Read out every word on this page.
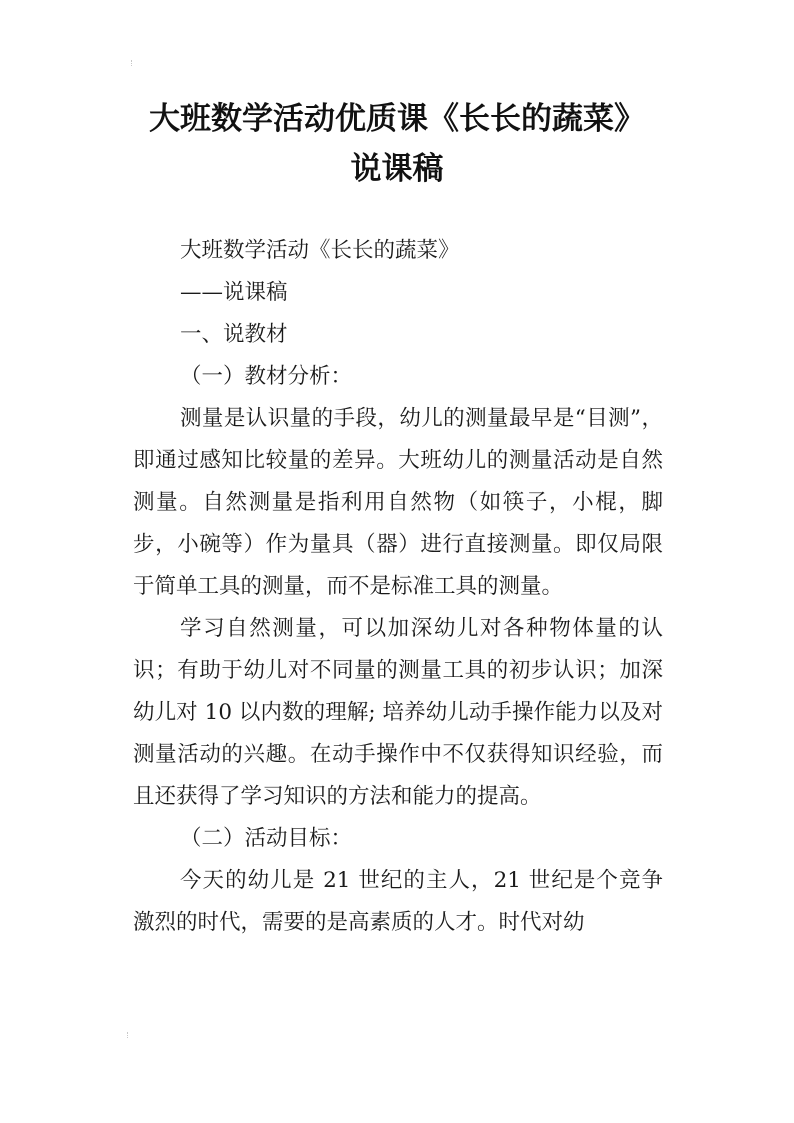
大班数学活动优质课《长长的蔬菜》
说课稿

大班数学活动《长长的蔬菜》

——说课稿

一、说教材

（一）教材分析：

测量是认识量的手段，幼儿的测量最早是“目测”，即通过感知比较量的差异。大班幼儿的测量活动是自然测量。自然测量是指利用自然物（如筷子，小棍，脚步，小碗等）作为量具（器）进行直接测量。即仅局限于简单工具的测量，而不是标准工具的测量。

学习自然测量，可以加深幼儿对各种物体量的认识；有助于幼儿对不同量的测量工具的初步认识；加深幼儿对 10 以内数的理解; 培养幼儿动手操作能力以及对测量活动的兴趣。在动手操作中不仅获得知识经验，而且还获得了学习知识的方法和能力的提高。

（二）活动目标：

今天的幼儿是 21 世纪的主人，21 世纪是个竞争激烈的时代，需要的是高素质的人才。时代对幼
